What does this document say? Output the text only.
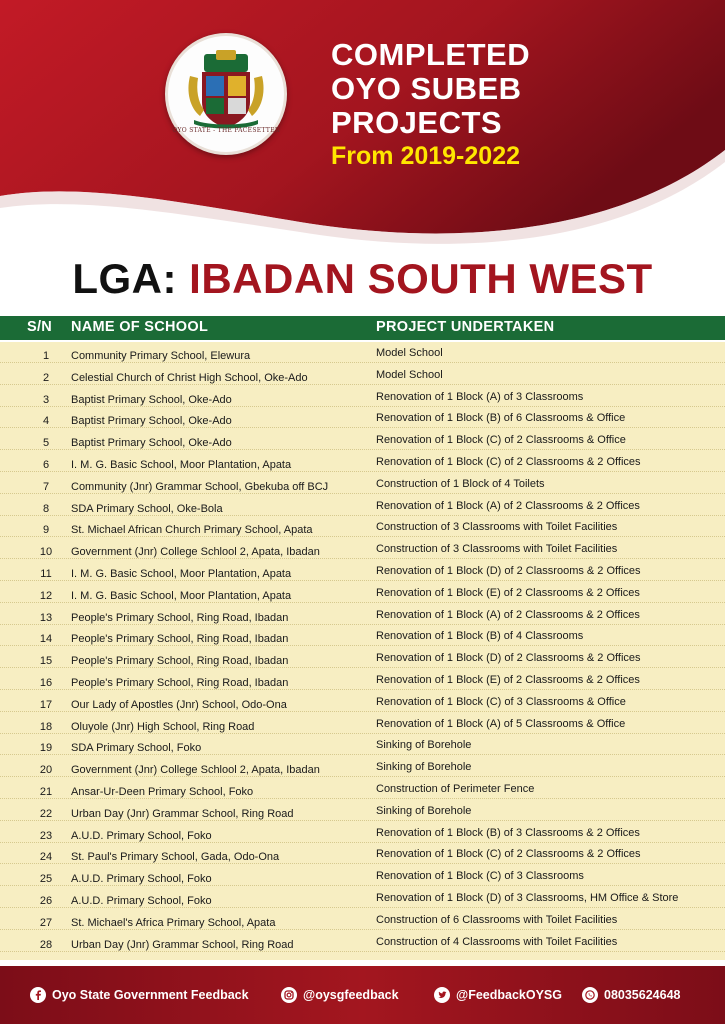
OYO STATE - THE PACESETTER
COMPLETED
OYO SUBEB
PROJECTS
From 2019-2022
LGA: IBADAN SOUTH WEST
S/N NAME OF SCHOOL	PROJECT UNDERTAKEN
1	Community Primary School, Elewura	Model School
2	Celestial Church of Christ High School, Oke-Ado	Model School
3	Baptist Primary School, Oke-Ado	Renovation of 1 Block (A) of 3 Classrooms
4	Baptist Primary School, Oke-Ado	Renovation of 1 Block (B) of 6 Classrooms & Office
5	Baptist Primary School, Oke-Ado	Renovation of 1 Block (C) of 2 Classrooms & Office
6	I. M. G. Basic School, Moor Plantation, Apata	Renovation of 1 Block (C) of 2 Classrooms & 2 Offices
7	Community (Jnr) Grammar School, Gbekuba off BCJ	Construction of 1 Block of 4 Toilets
8	SDA Primary School, Oke-Bola	Renovation of 1 Block (A) of 2 Classrooms & 2 Offices
9	St. Michael African Church Primary School, Apata	Construction of 3 Classrooms with Toilet Facilities
10	Government (Jnr) College Schlool 2, Apata, Ibadan	Construction of 3 Classrooms with Toilet Facilities
11	I. M. G. Basic School, Moor Plantation, Apata	Renovation of 1 Block (D) of 2 Classrooms & 2 Offices
12	I. M. G. Basic School, Moor Plantation, Apata	Renovation of 1 Block (E) of 2 Classrooms & 2 Offices
13	People's Primary School, Ring Road, Ibadan	Renovation of 1 Block (A) of 2 Classrooms & 2 Offices
14	People's Primary School, Ring Road, Ibadan	Renovation of 1 Block (B) of 4 Classrooms
15	People's Primary School, Ring Road, Ibadan	Renovation of 1 Block (D) of 2 Classrooms & 2 Offices
16	People's Primary School, Ring Road, Ibadan	Renovation of 1 Block (E) of 2 Classrooms & 2 Offices
17	Our Lady of Apostles (Jnr) School, Odo-Ona	Renovation of 1 Block (C) of 3 Classrooms & Office
18	Oluyole (Jnr) High School, Ring Road	Renovation of 1 Block (A) of 5 Classrooms & Office
19	SDA Primary School, Foko	Sinking of Borehole
20	Government (Jnr) College Schlool 2, Apata, Ibadan	Sinking of Borehole
21	Ansar-Ur-Deen Primary School, Foko	Construction of Perimeter Fence
22	Urban Day (Jnr) Grammar School, Ring Road	Sinking of Borehole
23	A.U.D. Primary School, Foko	Renovation of 1 Block (B) of 3 Classrooms & 2 Offices
24	St. Paul's Primary School, Gada, Odo-Ona	Renovation of 1 Block (C) of 2 Classrooms & 2 Offices
25	A.U.D. Primary School, Foko	Renovation of 1 Block (C) of 3 Classrooms
26	A.U.D. Primary School, Foko	Renovation of 1 Block (D) of 3 Classrooms, HM Office & Store
27	St. Michael's Africa Primary School, Apata	Construction of 6 Classrooms with Toilet Facilities
28	Urban Day (Jnr) Grammar School, Ring Road	Construction of 4 Classrooms with Toilet Facilities
Oyo State Government Feedback	@oysgfeedback	@FeedbackOYSG	08035624648
